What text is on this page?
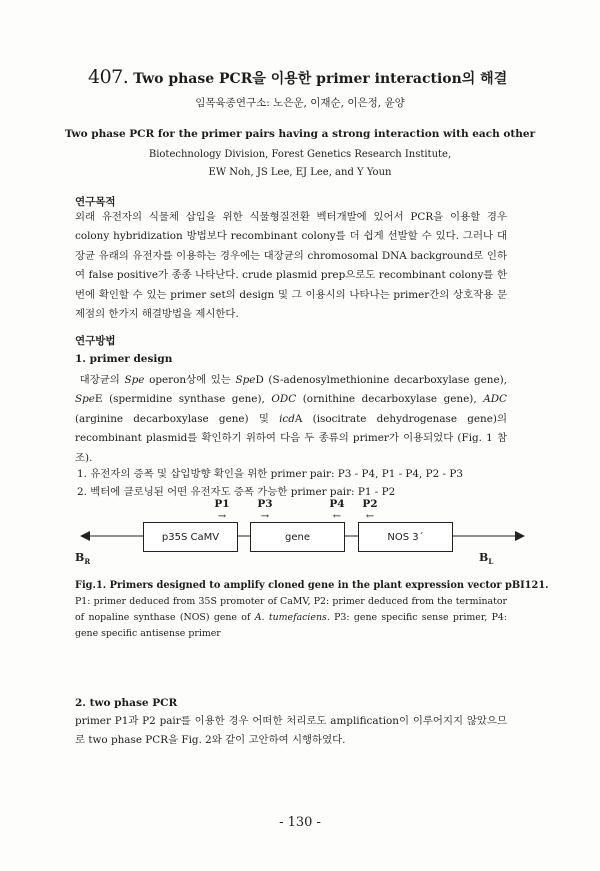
407. Two phase PCR을 이용한 primer interaction의 해결
임목육종연구소: 노은운, 이재순, 이은정, 윤양
Two phase PCR for the primer pairs having a strong interaction with each other
Biotechnology Division, Forest Genetics Research Institute,
EW Noh, JS Lee, EJ Lee, and Y Youn
연구목적

외래 유전자의 식물체 삽입을 위한 식물형질전환 벡터개발에 있어서 PCR을 이용할 경우 colony hybridization 방법보다 recombinant colony를 더 쉽게 선발할 수 있다. 그러나 대장균 유래의 유전자를 이용하는 경우에는 대장균의 chromosomal DNA background로 인하여 false positive가 종종 나타난다. crude plasmid prep으로도 recombinant colony를 한번에 확인할 수 있는 primer set의 design 및 그 이용시의 나타나는 primer간의 상호작용 문제점의 한가지 해결방법을 제시한다.

연구방법
1. primer design

대장균의 Spe operon상에 있는 SpeD (S-adenosylmethionine decarboxylase gene), SpeE (spermidine synthase gene), ODC (ornithine decarboxylase gene), ADC (arginine decarboxylase gene) 및 icdA (isocitrate dehydrogenase gene)의 recombinant plasmid를 확인하기 위하여 다음 두 종류의 primer가 이용되었다 (Fig. 1 참조).

1. 유전자의 증폭 및 삽입방향 확인을 위한 primer pair: P3 - P4, P1 - P4, P2 - P3
2. 벡터에 클로닝된 어떤 유전자도 증폭 가능한 primer pair: P1 - P2
P1
→
P3
→
P4
←
P2
←
p35S CaMV	gene	NOS 3´
$B_R$	$B_L$
Fig.1. Primers designed to amplify cloned gene in the plant expression vector pBI121.
P1: primer deduced from 35S promoter of CaMV, P2: primer deduced from the terminator of nopaline synthase (NOS) gene of A. tumefaciens. P3: gene specific sense primer, P4: gene specific antisense primer
2. two phase PCR

primer P1과 P2 pair를 이용한 경우 어떠한 처리로도 amplification이 이루어지지 않았으므로 two phase PCR을 Fig. 2와 같이 고안하여 시행하였다.

- 130 -
